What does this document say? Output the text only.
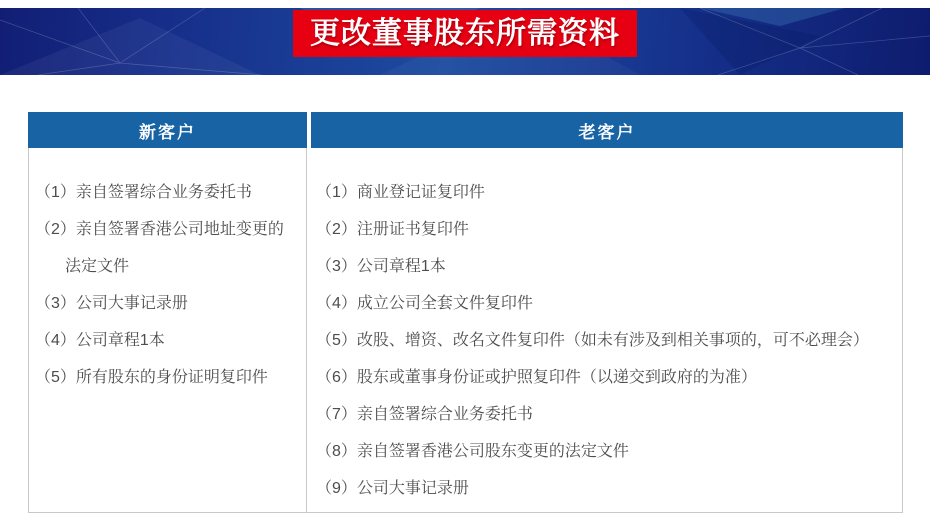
更改董事股东所需资料
新客户	老客户
（1）亲自签署综合业务委托书
（2）亲自签署香港公司地址变更的
法定文件
（3）公司大事记录册
（4）公司章程1本
（5）所有股东的身份证明复印件
（1）商业登记证复印件
（2）注册证书复印件
（3）公司章程1本
（4）成立公司全套文件复印件
（5）改股、增资、改名文件复印件（如未有涉及到相关事项的，可不必理会）
（6）股东或董事身份证或护照复印件（以递交到政府的为准）
（7）亲自签署综合业务委托书
（8）亲自签署香港公司股东变更的法定文件
（9）公司大事记录册
